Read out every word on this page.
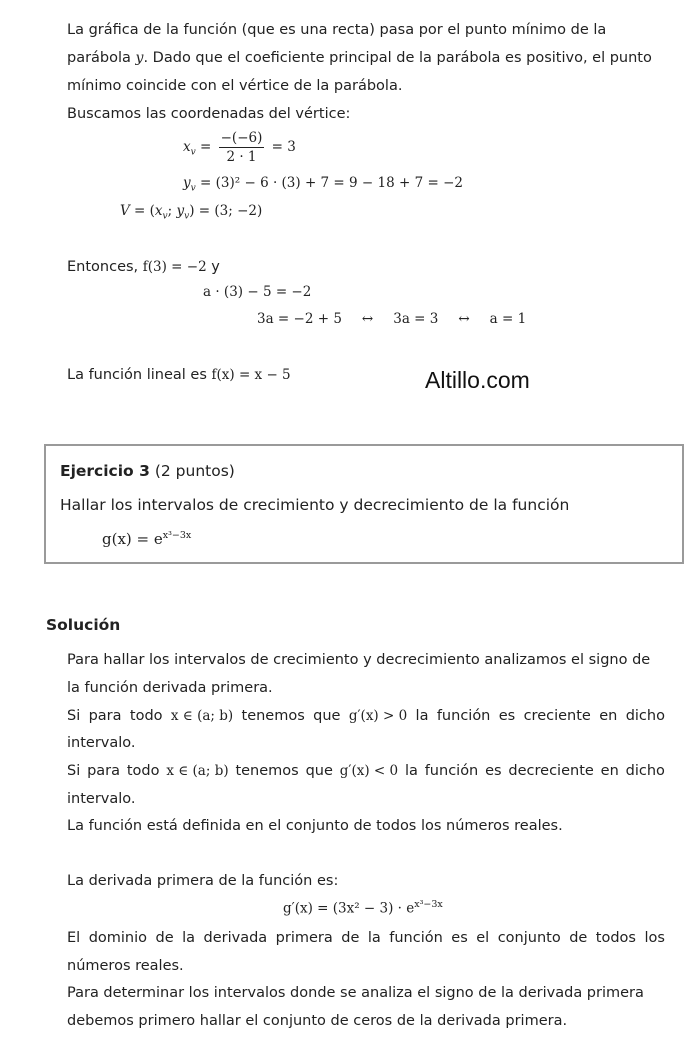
La gráfica de la función (que es una recta) pasa por el punto mínimo de la
parábola y. Dado que el coeficiente principal de la parábola es positivo, el punto
mínimo coincide con el vértice de la parábola.
Buscamos las coordenadas del vértice:
$x_v = \frac{-(-6)}{2 \cdot 1} = 3$
$y_v = (3)^2 - 6 \cdot (3) + 7 = 9 - 18 + 7 = -2$
$V = (x_v$; $y_v) = (3$; −2)
Entonces, f(3) = −2 y
a · (3) − 5 = −2
3a = −2 + 5 ↔ 3a = 3 ↔ a = 1
La función lineal es f(x) = x − 5	Altillo.com
Ejercicio 3 (2 puntos)
Hallar los intervalos de crecimiento y decrecimiento de la función
$g(x) = e^{x^3-3x}$
Solución
Para hallar los intervalos de crecimiento y decrecimiento analizamos el signo de
la función derivada primera.
Si para todo x ∈ (a; b) tenemos que g′(x) > 0 la función es creciente en dicho
intervalo.
Si para todo x ∈ (a; b) tenemos que g′(x) < 0 la función es decreciente en dicho
intervalo.
La función está definida en el conjunto de todos los números reales.
La derivada primera de la función es:
$g'(x) = (3x^2 - 3) \cdot e^{x^3-3x}$
El dominio de la derivada primera de la función es el conjunto de todos los
números reales.
Para determinar los intervalos donde se analiza el signo de la derivada primera
debemos primero hallar el conjunto de ceros de la derivada primera.
